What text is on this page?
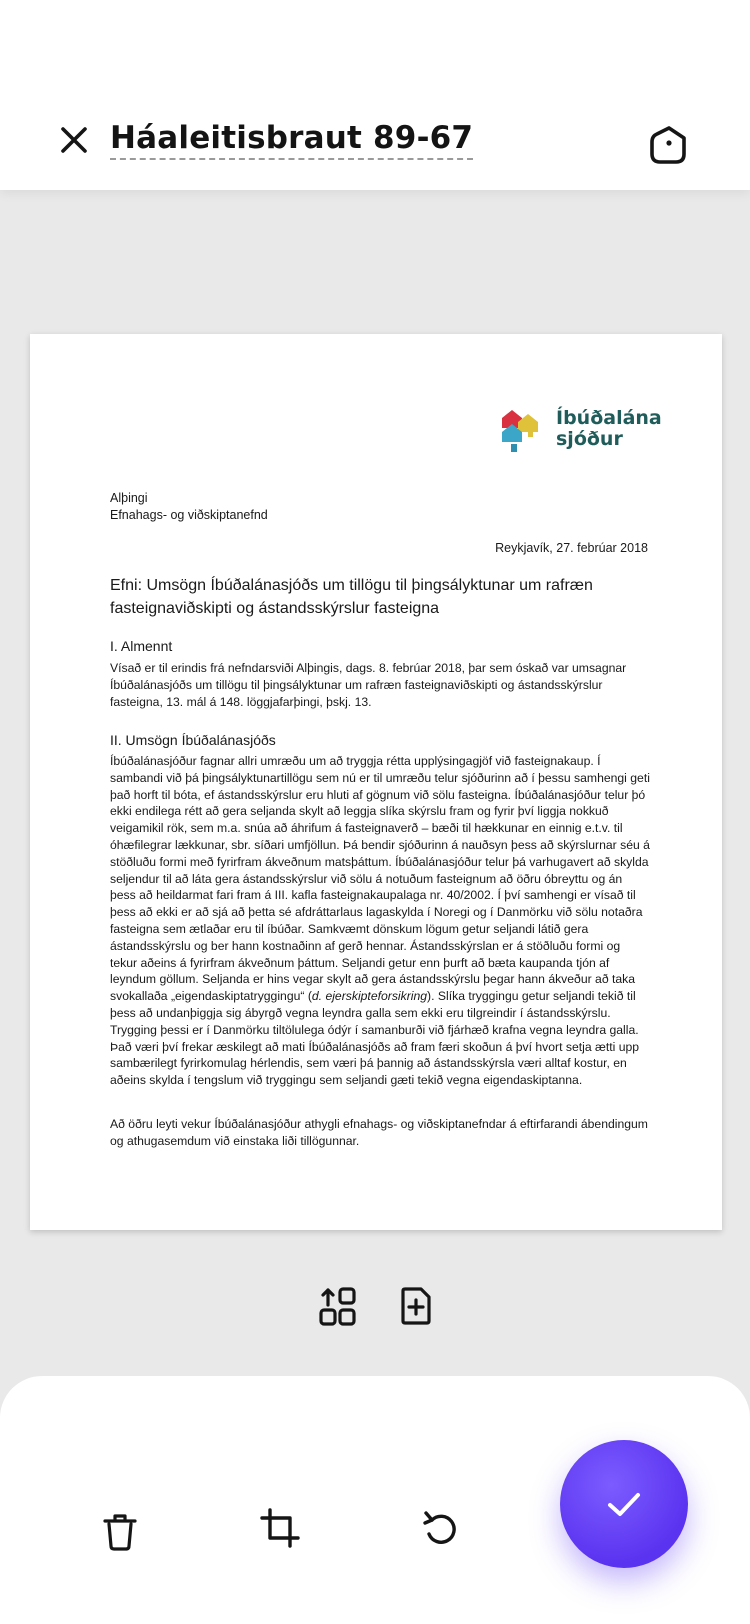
Háaleitisbraut 89-67
Íbúðalána
sjóður
Alþingi
Efnahags- og viðskiptanefnd
Reykjavík, 27. febrúar 2018
Efni: Umsögn Íbúðalánasjóðs um tillögu til þingsályktunar um rafræn fasteignaviðskipti og ástandsskýrslur fasteigna
I. Almennt
Vísað er til erindis frá nefndarsviði Alþingis, dags. 8. febrúar 2018, þar sem óskað var umsagnar Íbúðalánasjóðs um tillögu til þingsályktunar um rafræn fasteignaviðskipti og ástandsskýrslur fasteigna, 13. mál á 148. löggjafarþingi, þskj. 13.
II. Umsögn Íbúðalánasjóðs
Íbúðalánasjóður fagnar allri umræðu um að tryggja rétta upplýsingagjöf við fasteignakaup. Í sambandi við þá þingsályktunartillögu sem nú er til umræðu telur sjóðurinn að í þessu samhengi geti það horft til bóta, ef ástandsskýrslur eru hluti af gögnum við sölu fasteigna. Íbúðalánasjóður telur þó ekki endilega rétt að gera seljanda skylt að leggja slíka skýrslu fram og fyrir því liggja nokkuð veigamikil rök, sem m.a. snúa að áhrifum á fasteignaverð – bæði til hækkunar en einnig e.t.v. til óhæfilegrar lækkunar, sbr. síðari umfjöllun. Þá bendir sjóðurinn á nauðsyn þess að skýrslurnar séu á stöðluðu formi með fyrirfram ákveðnum matsþáttum. Íbúðalánasjóður telur þá varhugavert að skylda seljendur til að láta gera ástandsskýrslur við sölu á notuðum fasteignum að öðru óbreyttu og án þess að heildarmat fari fram á III. kafla fasteignakaupalaga nr. 40/2002. Í því samhengi er vísað til þess að ekki er að sjá að þetta sé afdráttarlaus lagaskylda í Noregi og í Danmörku við sölu notaðra fasteigna sem ætlaðar eru til íbúðar. Samkvæmt dönskum lögum getur seljandi látið gera ástandsskýrslu og ber hann kostnaðinn af gerð hennar. Ástandsskýrslan er á stöðluðu formi og tekur aðeins á fyrirfram ákveðnum þáttum. Seljandi getur enn þurft að bæta kaupanda tjón af leyndum göllum. Seljanda er hins vegar skylt að gera ástandsskýrslu þegar hann ákveður að taka svokallaða „eigendaskiptatryggingu“ (d. ejerskipteforsikring). Slíka tryggingu getur seljandi tekið til þess að undanþiggja sig ábyrgð vegna leyndra galla sem ekki eru tilgreindir í ástandsskýrslu. Trygging þessi er í Danmörku tiltölulega ódýr í samanburði við fjárhæð krafna vegna leyndra galla. Það væri því frekar æskilegt að mati Íbúðalánasjóðs að fram færi skoðun á því hvort setja ætti upp sambærilegt fyrirkomulag hérlendis, sem væri þá þannig að ástandsskýrsla væri alltaf kostur, en aðeins skylda í tengslum við tryggingu sem seljandi gæti tekið vegna eigendaskiptanna.
Að öðru leyti vekur Íbúðalánasjóður athygli efnahags- og viðskiptanefndar á eftirfarandi ábendingum og athugasemdum við einstaka liði tillögunnar.
